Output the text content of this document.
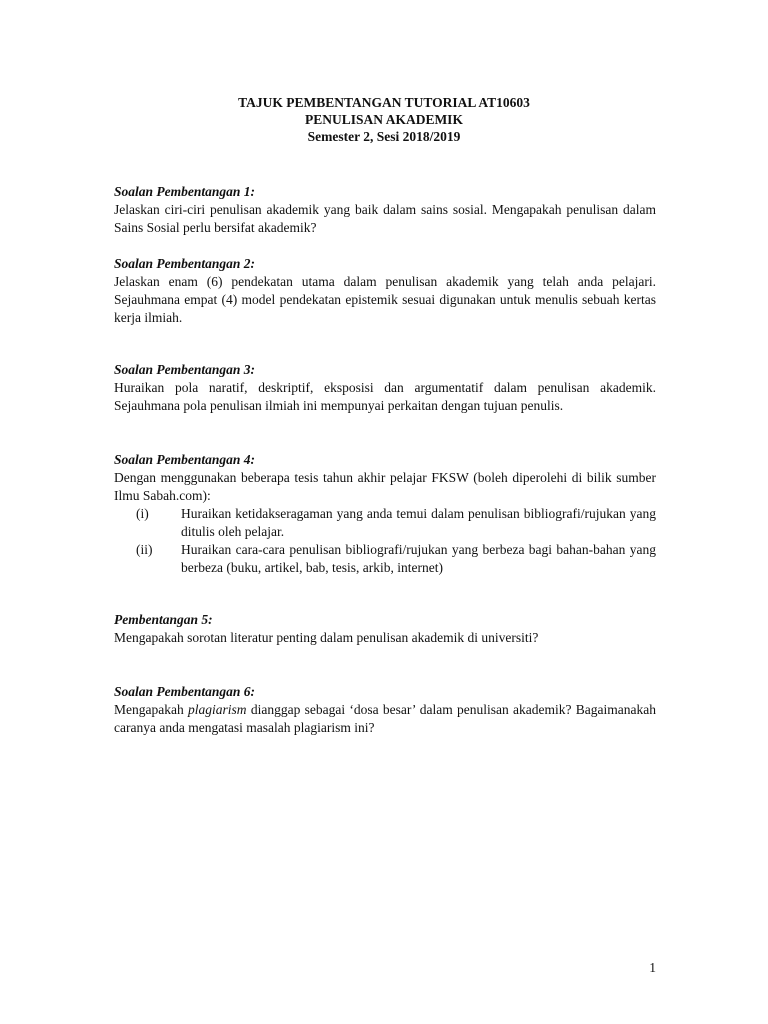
TAJUK PEMBENTANGAN TUTORIAL AT10603
PENULISAN AKADEMIK
Semester 2, Sesi 2018/2019

Soalan Pembentangan 1:

Jelaskan ciri-ciri penulisan akademik yang baik dalam sains sosial. Mengapakah penulisan dalam Sains Sosial perlu bersifat akademik?

Soalan Pembentangan 2:

Jelaskan enam (6) pendekatan utama dalam penulisan akademik yang telah anda pelajari. Sejauhmana empat (4) model pendekatan epistemik sesuai digunakan untuk menulis sebuah kertas kerja ilmiah.

Soalan Pembentangan 3:

Huraikan pola naratif, deskriptif, eksposisi dan argumentatif dalam penulisan akademik. Sejauhmana pola penulisan ilmiah ini mempunyai perkaitan dengan tujuan penulis.

Soalan Pembentangan 4:

Dengan menggunakan beberapa tesis tahun akhir pelajar FKSW (boleh diperolehi di bilik sumber Ilmu Sabah.com):

(i) Huraikan ketidakseragaman yang anda temui dalam penulisan bibliografi/rujukan yang ditulis oleh pelajar.

(ii) Huraikan cara-cara penulisan bibliografi/rujukan yang berbeza bagi bahan-bahan yang berbeza (buku, artikel, bab, tesis, arkib, internet)

Pembentangan 5:

Mengapakah sorotan literatur penting dalam penulisan akademik di universiti?

Soalan Pembentangan 6:

Mengapakah plagiarism dianggap sebagai ‘dosa besar’ dalam penulisan akademik? Bagaimanakah caranya anda mengatasi masalah plagiarism ini?

1
